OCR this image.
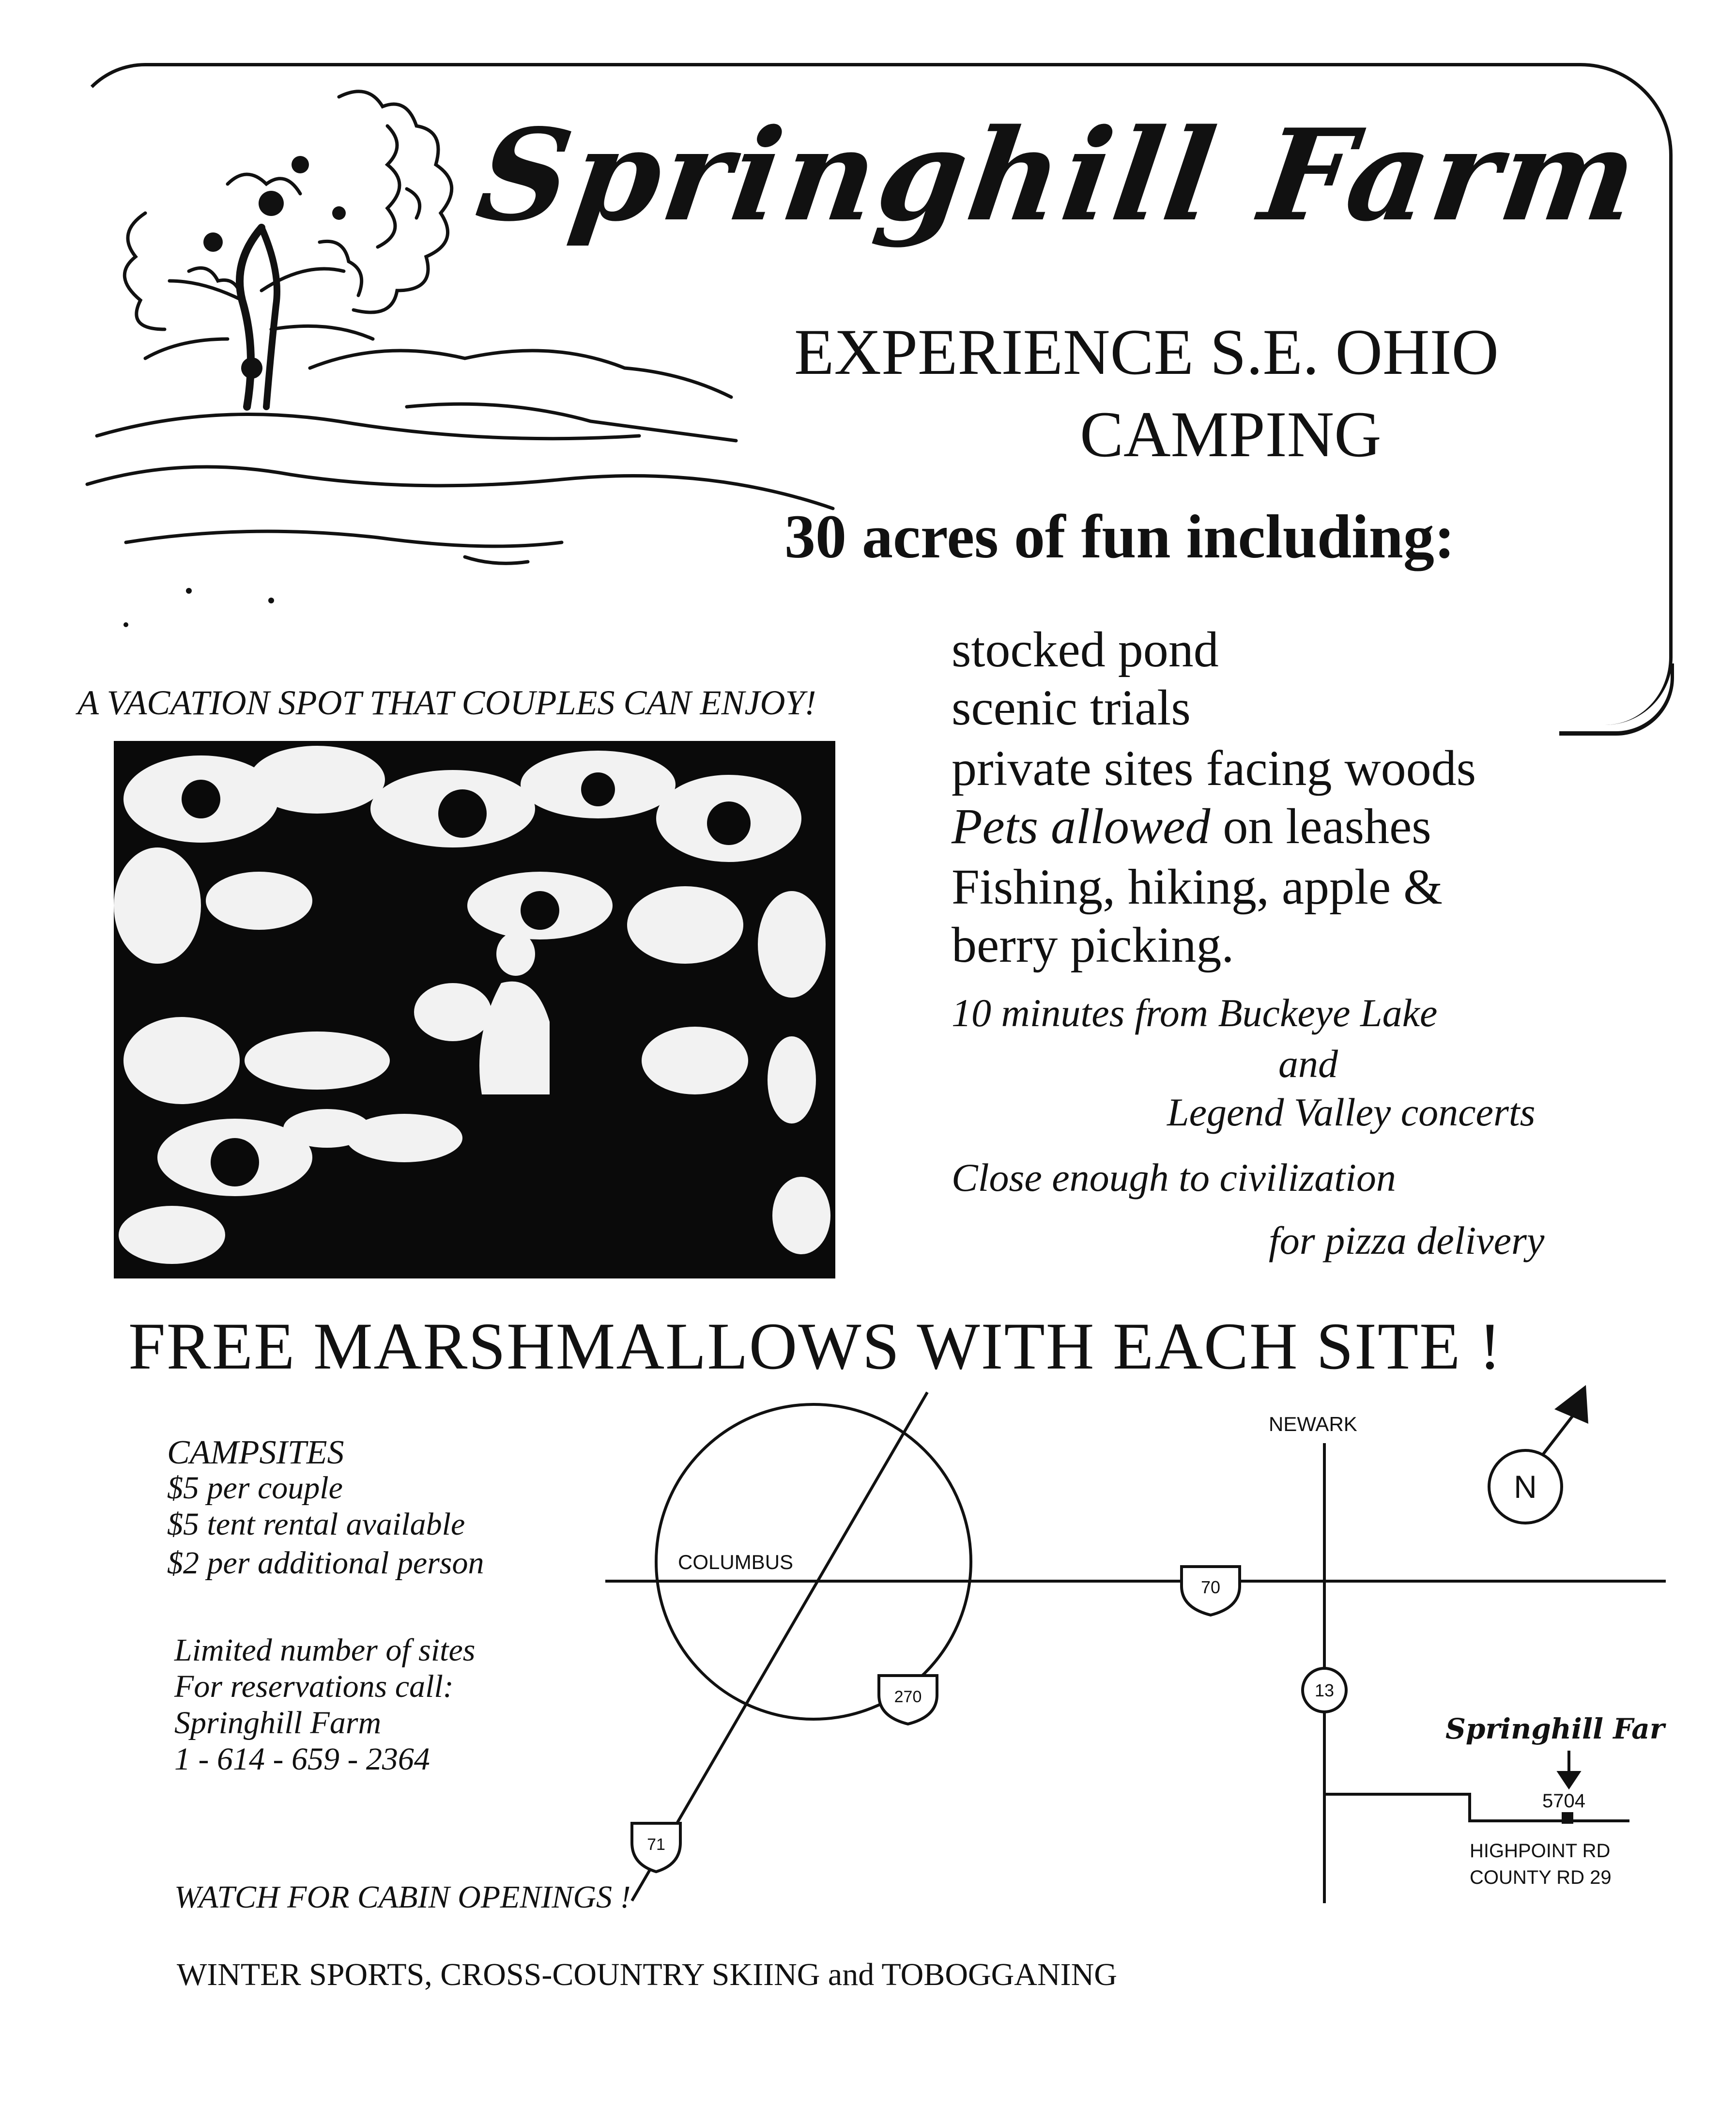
Springhill Farm
EXPERIENCE S.E. OHIO
CAMPING
30 acres of fun including:
A VACATION SPOT THAT COUPLES CAN ENJOY!
stocked pond
scenic trials
private sites facing woods
Pets allowed on leashes
Fishing, hiking, apple &
berry picking.
10 minutes from Buckeye Lake
and
Legend Valley concerts
Close enough to civilization
for pizza delivery
FREE MARSHMALLOWS WITH EACH SITE !
CAMPSITES
$5 per couple
$5 tent rental available
$2 per additional person
Limited number of sites
For reservations call:
Springhill Farm
1 - 614 - 659 - 2364
COLUMBUS
NEWARK
N
70
270
71
13
Springhill Far
5704
HIGHPOINT RD
COUNTY RD 29
WATCH FOR CABIN OPENINGS !
WINTER SPORTS, CROSS-COUNTRY SKIING and TOBOGGANING
